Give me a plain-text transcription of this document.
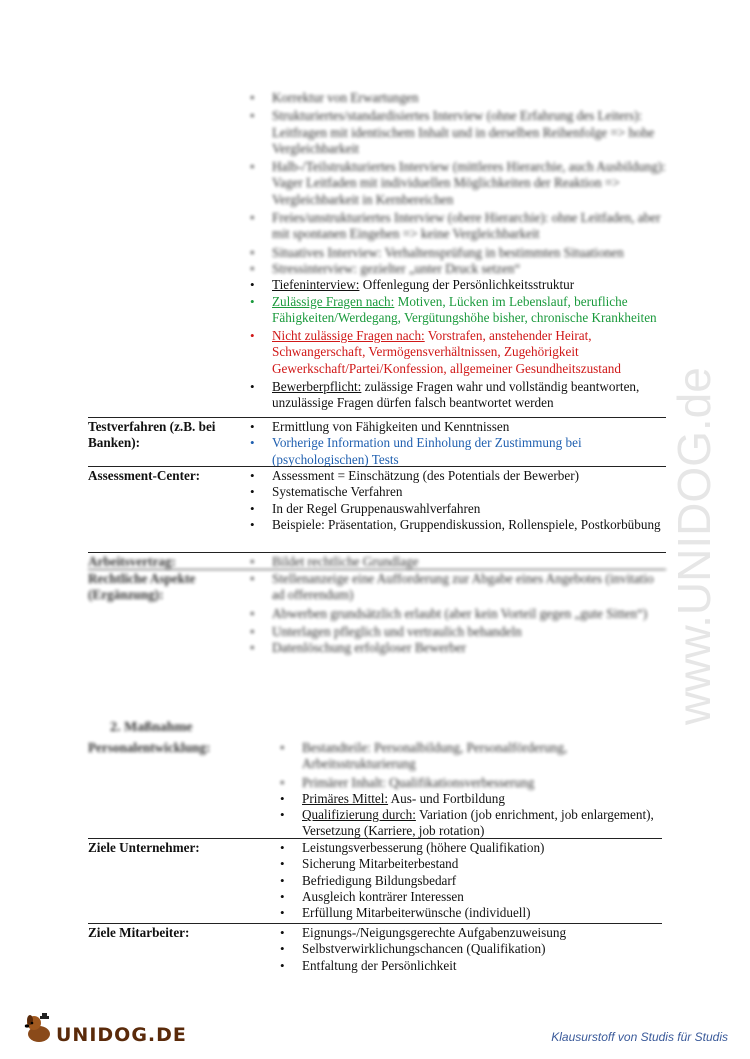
• Korrektur von Erwartungen
• Strukturiertes/standardisiertes Interview (ohne Erfahrung des Leiters): Leitfragen mit identischem Inhalt und in derselben Reihenfolge => hohe Vergleichbarkeit
• Halb-/Teilstrukturiertes Interview (mittleres Hierarchie, auch Ausbildung): Vager Leitfaden mit individuellen Möglichkeiten der Reaktion => Vergleichbarkeit in Kernbereichen
• Freies/unstrukturiertes Interview (obere Hierarchie): ohne Leitfaden, aber mit spontanen Eingehen => keine Vergleichbarkeit
• Situatives Interview: Verhaltensprüfung in bestimmten Situationen
• Stressinterview: gezielter „unter Druck setzen“
• Tiefeninterview: Offenlegung der Persönlichkeitsstruktur
• Zulässige Fragen nach: Motiven, Lücken im Lebenslauf, berufliche Fähigkeiten/Werdegang, Vergütungshöhe bisher, chronische Krankheiten
• Nicht zulässige Fragen nach: Vorstrafen, anstehender Heirat, Schwangerschaft, Vermögensverhältnissen, Zugehörigkeit Gewerkschaft/Partei/Konfession, allgemeiner Gesundheitszustand
• Bewerberpflicht: zulässige Fragen wahr und vollständig beantworten, unzulässige Fragen dürfen falsch beantwortet werden
Testverfahren (z.B. bei Banken):
• Ermittlung von Fähigkeiten und Kenntnissen
• Vorherige Information und Einholung der Zustimmung bei (psychologischen) Tests
Assessment-Center:	• Assessment = Einschätzung (des Potentials der Bewerber)
• Systematische Verfahren
• In der Regel Gruppenauswahlverfahren
• Beispiele: Präsentation, Gruppendiskussion, Rollenspiele, Postkorbübung
Arbeitsvertrag:	• Bildet rechtliche Grundlage
Rechtliche Aspekte (Ergänzung):
• Stellenanzeige eine Aufforderung zur Abgabe eines Angebotes (invitatio ad offerendum)
• Abwerben grundsätzlich erlaubt (aber kein Vorteil gegen „gute Sitten“)
• Unterlagen pfleglich und vertraulich behandeln
• Datenlöschung erfolgloser Bewerber
2. Maßnahme
Personalentwicklung:	• Bestandteile: Personalbildung, Personalförderung, Arbeitsstrukturierung
• Primärer Inhalt: Qualifikationsverbesserung
• Primäres Mittel: Aus- und Fortbildung
• Qualifizierung durch: Variation (job enrichment, job enlargement), Versetzung (Karriere, job rotation)
Ziele Unternehmer:	• Leistungsverbesserung (höhere Qualifikation)
• Sicherung Mitarbeiterbestand
• Befriedigung Bildungsbedarf
• Ausgleich konträrer Interessen
• Erfüllung Mitarbeiterwünsche (individuell)
Ziele Mitarbeiter:	• Eignungs-/Neigungsgerechte Aufgabenzuweisung
• Selbstverwirklichungschancen (Qualifikation)
• Entfaltung der Persönlichkeit
www.UNIDOG.de
UNIDOG.DE	Klausurstoff von Studis für Studis
